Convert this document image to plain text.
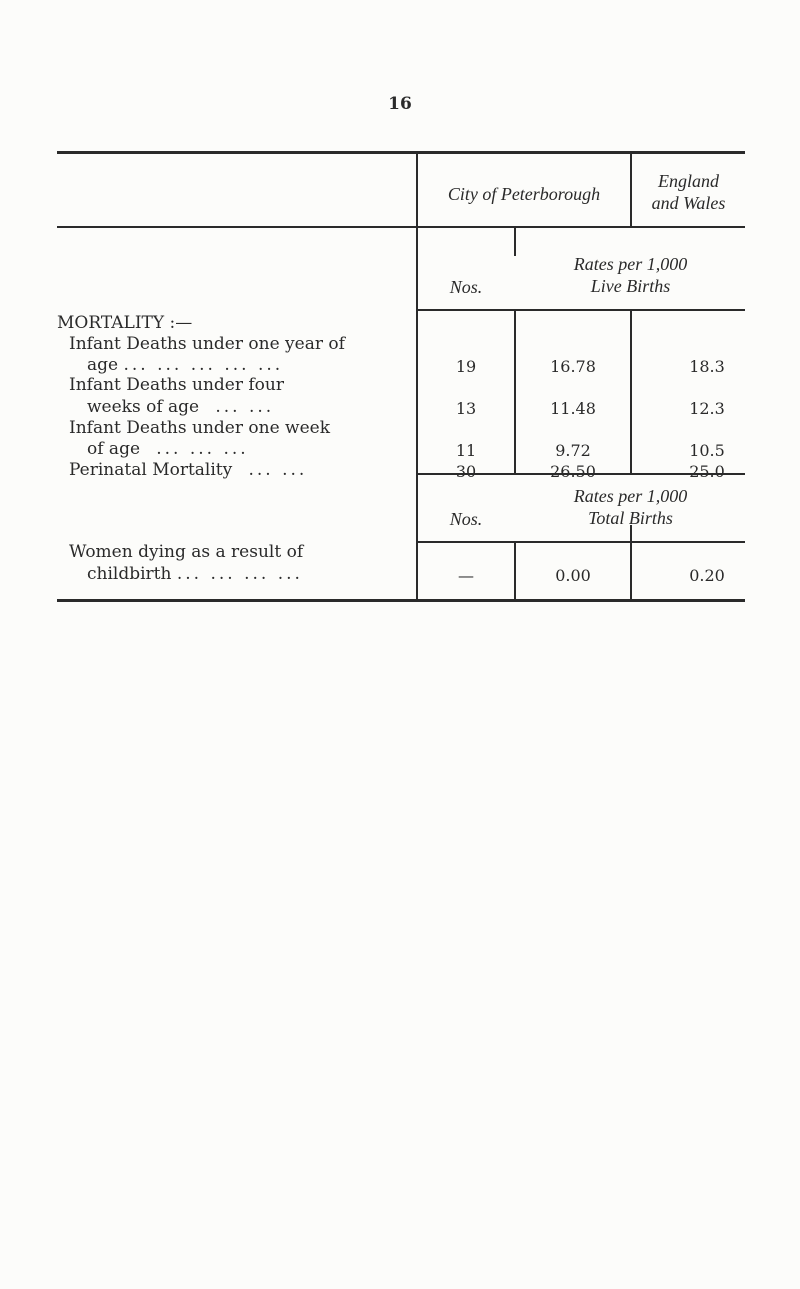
16
City of Peterborough
England
and Wales
Nos.
Rates per 1,000
Live Births
MORTALITY :—
Infant Deaths under one year of
age ... ... ... ... ...	19	16.78	18.3
Infant Deaths under four
weeks of age ... ...	13	11.48	12.3
Infant Deaths under one week
of age ... ... ...	11	9.72	10.5
Perinatal Mortality ... ...	30	26.50	25.0
Nos.
Rates per 1,000
Total Births
Women dying as a result of
childbirth ... ... ... ...	—	0.00	0.20
